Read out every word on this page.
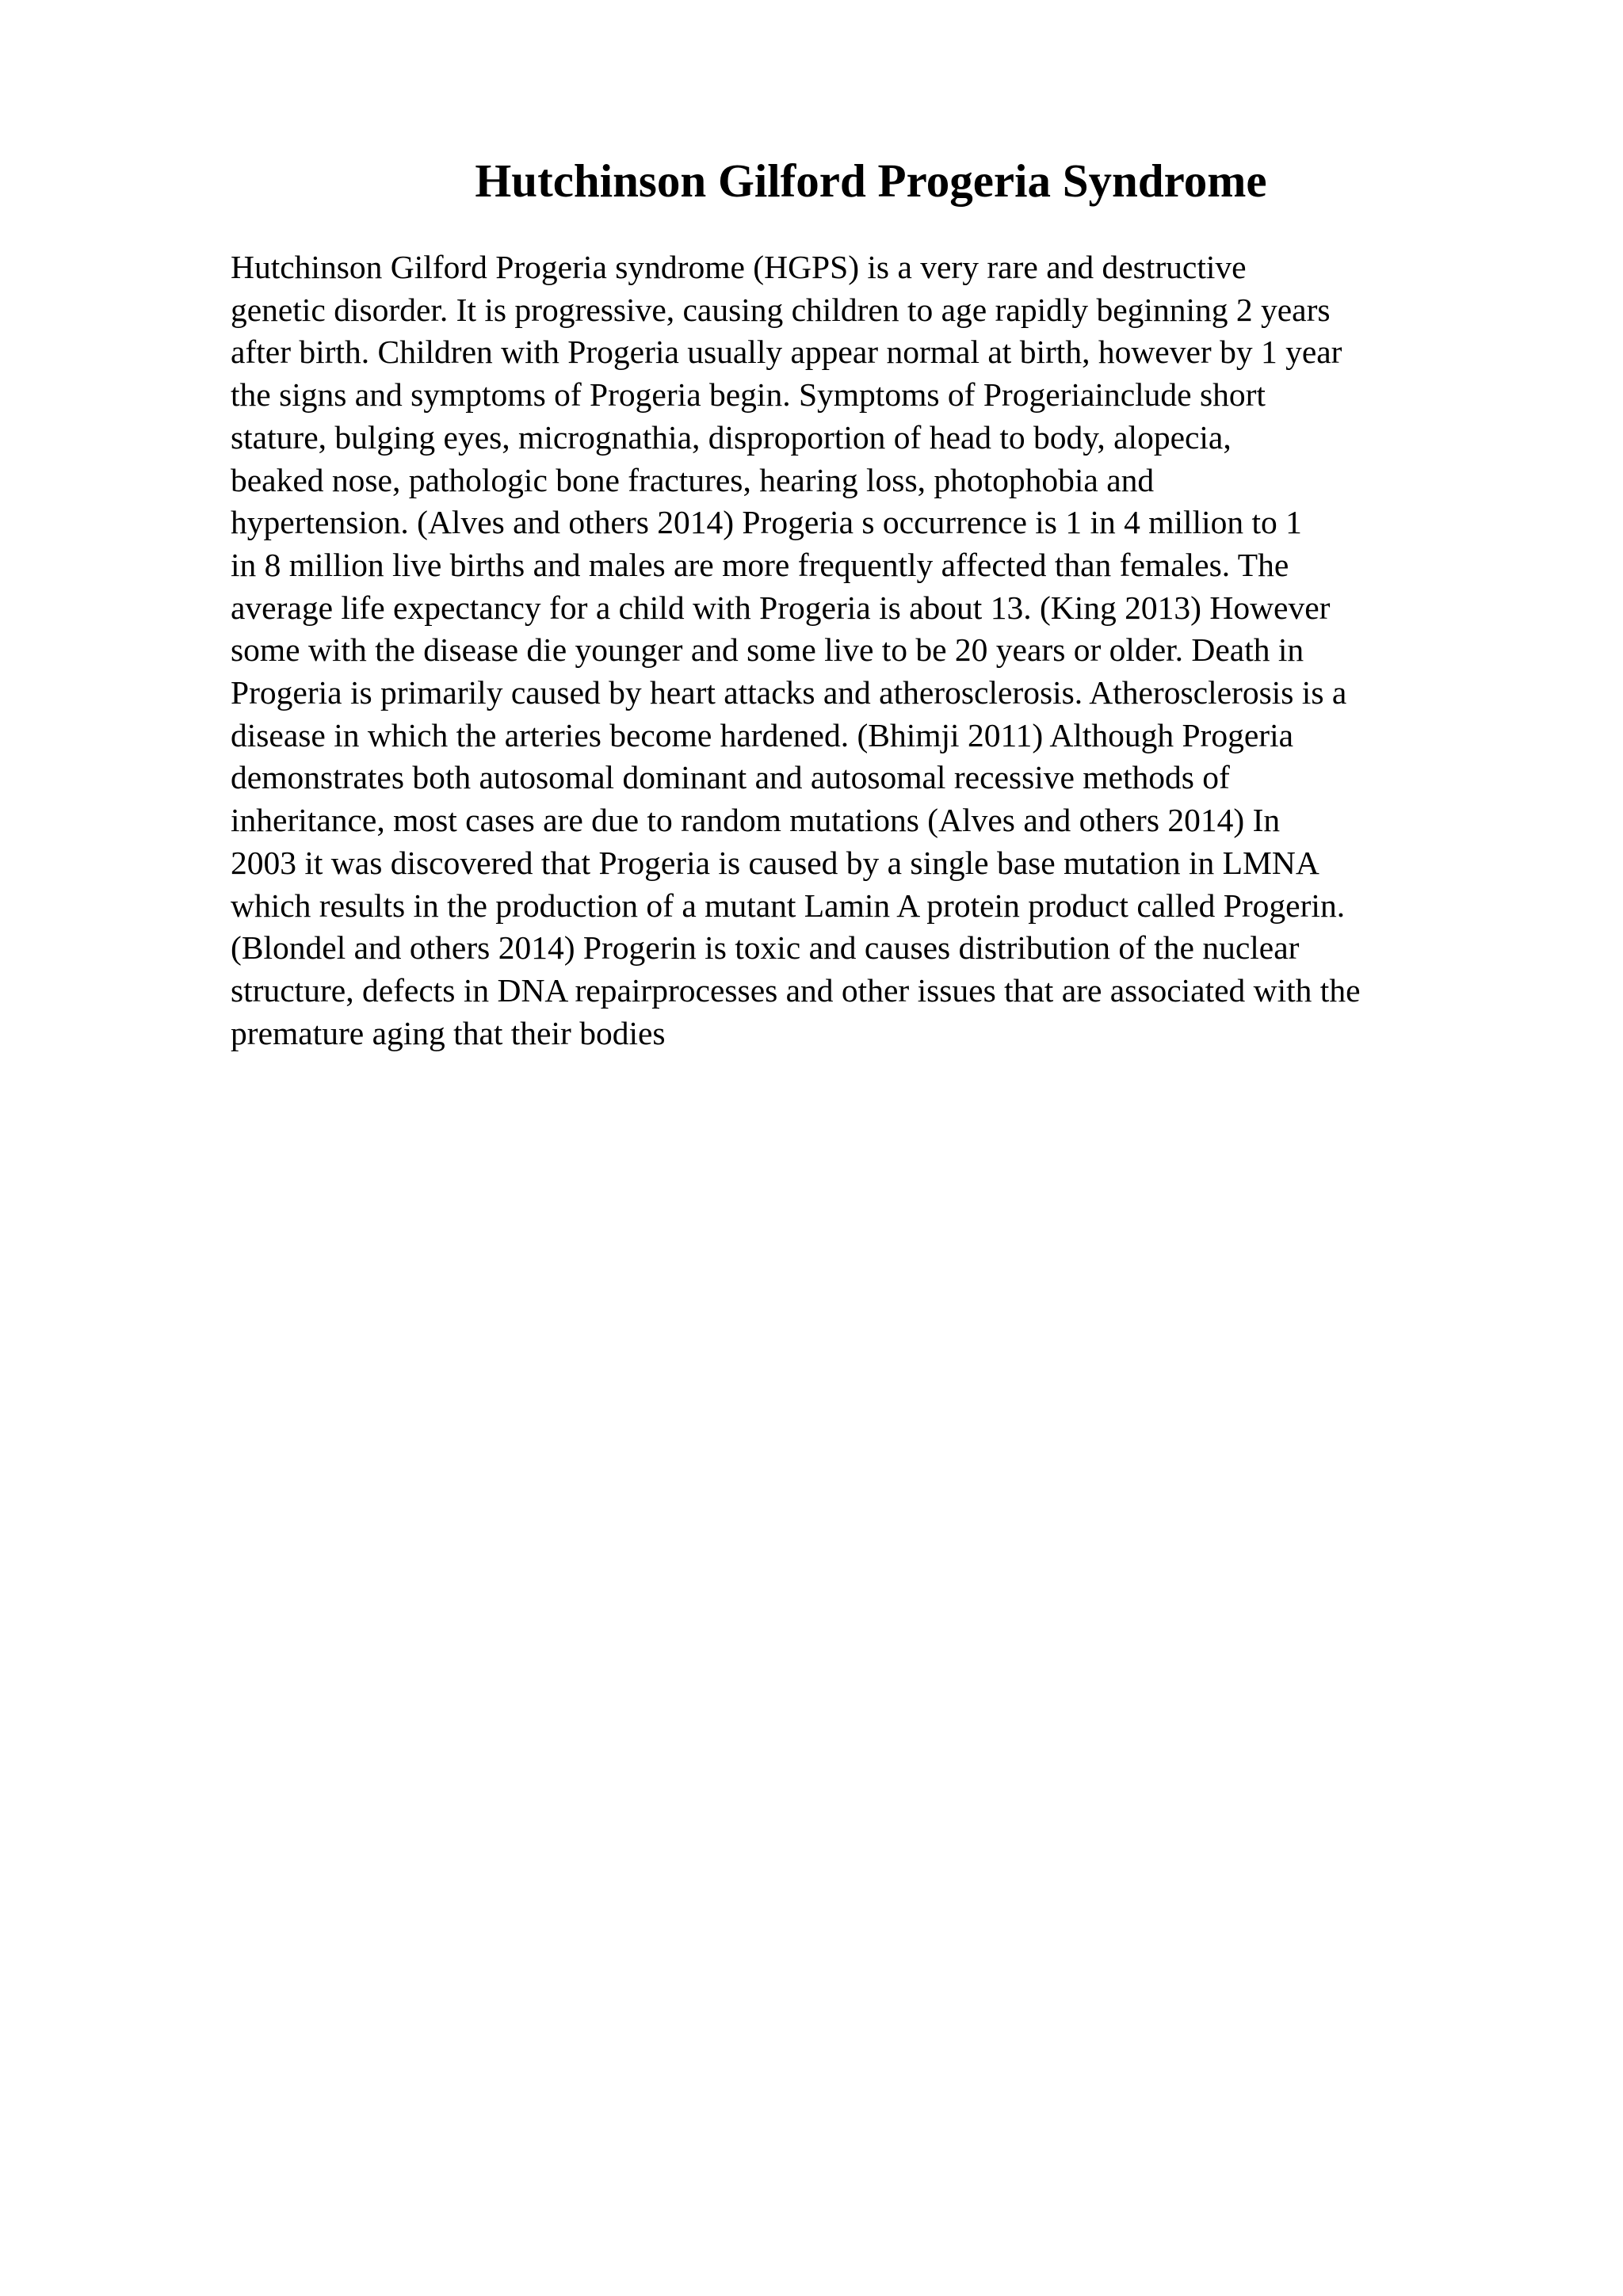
Hutchinson Gilford Progeria Syndrome
Hutchinson Gilford Progeria syndrome (HGPS) is a very rare and destructive
genetic disorder. It is progressive, causing children to age rapidly beginning 2 years
after birth. Children with Progeria usually appear normal at birth, however by 1 year
the signs and symptoms of Progeria begin. Symptoms of Progeriainclude short
stature, bulging eyes, micrognathia, disproportion of head to body, alopecia,
beaked nose, pathologic bone fractures, hearing loss, photophobia and
hypertension. (Alves and others 2014) Progeria s occurrence is 1 in 4 million to 1
in 8 million live births and males are more frequently affected than females. The
average life expectancy for a child with Progeria is about 13. (King 2013) However
some with the disease die younger and some live to be 20 years or older. Death in
Progeria is primarily caused by heart attacks and atherosclerosis. Atherosclerosis is a
disease in which the arteries become hardened. (Bhimji 2011) Although Progeria
demonstrates both autosomal dominant and autosomal recessive methods of
inheritance, most cases are due to random mutations (Alves and others 2014) In
2003 it was discovered that Progeria is caused by a single base mutation in LMNA
which results in the production of a mutant Lamin A protein product called Progerin.
(Blondel and others 2014) Progerin is toxic and causes distribution of the nuclear
structure, defects in DNA repairprocesses and other issues that are associated with the
premature aging that their bodies
